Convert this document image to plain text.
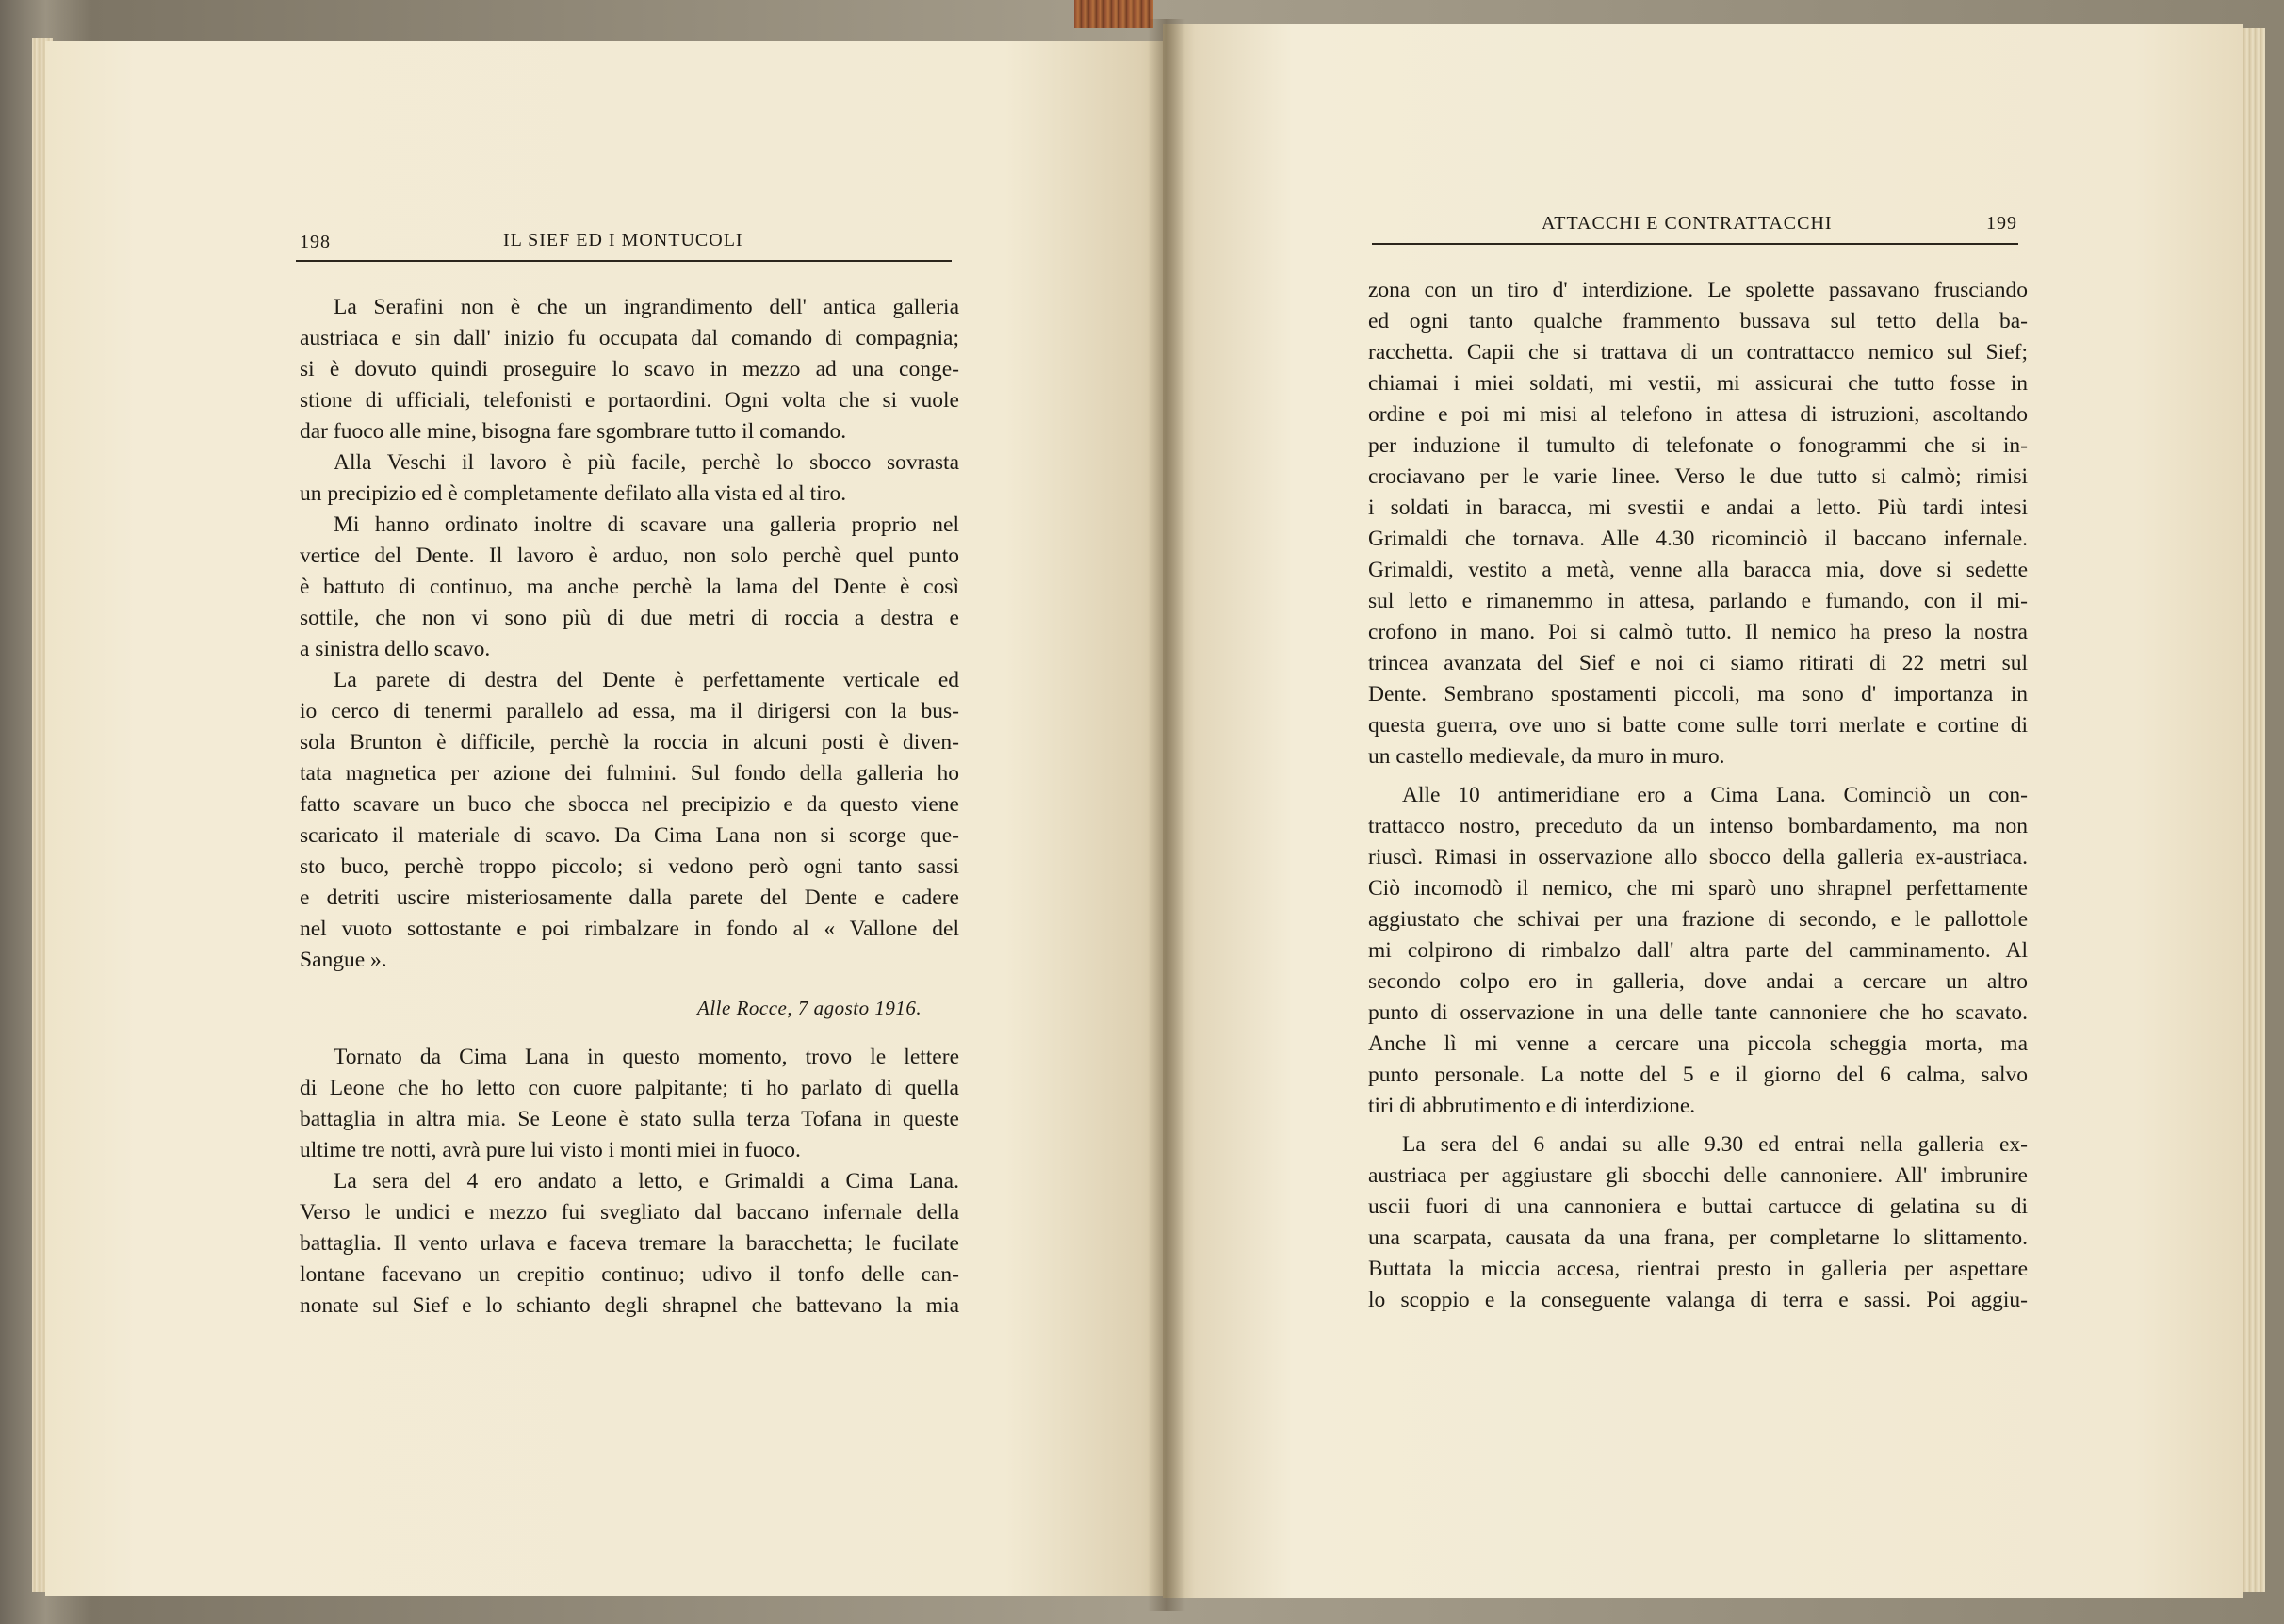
198	IL SIEF ED I MONTUCOLI
La Serafini non è che un ingrandimento dell' antica galleria
austriaca e sin dall' inizio fu occupata dal comando di compagnia;
si è dovuto quindi proseguire lo scavo in mezzo ad una conge-
stione di ufficiali, telefonisti e portaordini. Ogni volta che si vuole
dar fuoco alle mine, bisogna fare sgombrare tutto il comando.
Alla Veschi il lavoro è più facile, perchè lo sbocco sovrasta
un precipizio ed è completamente defilato alla vista ed al tiro.
Mi hanno ordinato inoltre di scavare una galleria proprio nel
vertice del Dente. Il lavoro è arduo, non solo perchè quel punto
è battuto di continuo, ma anche perchè la lama del Dente è così
sottile, che non vi sono più di due metri di roccia a destra e
a sinistra dello scavo.
La parete di destra del Dente è perfettamente verticale ed
io cerco di tenermi parallelo ad essa, ma il dirigersi con la bus-
sola Brunton è difficile, perchè la roccia in alcuni posti è diven-
tata magnetica per azione dei fulmini. Sul fondo della galleria ho
fatto scavare un buco che sbocca nel precipizio e da questo viene
scaricato il materiale di scavo. Da Cima Lana non si scorge que-
sto buco, perchè troppo piccolo; si vedono però ogni tanto sassi
e detriti uscire misteriosamente dalla parete del Dente e cadere
nel vuoto sottostante e poi rimbalzare in fondo al « Vallone del
Sangue ».
Alle Rocce, 7 agosto 1916.
Tornato da Cima Lana in questo momento, trovo le lettere
di Leone che ho letto con cuore palpitante; ti ho parlato di quella
battaglia in altra mia. Se Leone è stato sulla terza Tofana in queste
ultime tre notti, avrà pure lui visto i monti miei in fuoco.
La sera del 4 ero andato a letto, e Grimaldi a Cima Lana.
Verso le undici e mezzo fui svegliato dal baccano infernale della
battaglia. Il vento urlava e faceva tremare la baracchetta; le fucilate
lontane facevano un crepitio continuo; udivo il tonfo delle can-
nonate sul Sief e lo schianto degli shrapnel che battevano la mia
ATTACCHI E CONTRATTACCHI	199
zona con un tiro d' interdizione. Le spolette passavano frusciando
ed ogni tanto qualche frammento bussava sul tetto della ba-
racchetta. Capii che si trattava di un contrattacco nemico sul Sief;
chiamai i miei soldati, mi vestii, mi assicurai che tutto fosse in
ordine e poi mi misi al telefono in attesa di istruzioni, ascoltando
per induzione il tumulto di telefonate o fonogrammi che si in-
crociavano per le varie linee. Verso le due tutto si calmò; rimisi
i soldati in baracca, mi svestii e andai a letto. Più tardi intesi
Grimaldi che tornava. Alle 4.30 ricominciò il baccano infernale.
Grimaldi, vestito a metà, venne alla baracca mia, dove si sedette
sul letto e rimanemmo in attesa, parlando e fumando, con il mi-
crofono in mano. Poi si calmò tutto. Il nemico ha preso la nostra
trincea avanzata del Sief e noi ci siamo ritirati di 22 metri sul
Dente. Sembrano spostamenti piccoli, ma sono d' importanza in
questa guerra, ove uno si batte come sulle torri merlate e cortine di
un castello medievale, da muro in muro.
Alle 10 antimeridiane ero a Cima Lana. Cominciò un con-
trattacco nostro, preceduto da un intenso bombardamento, ma non
riuscì. Rimasi in osservazione allo sbocco della galleria ex-austriaca.
Ciò incomodò il nemico, che mi sparò uno shrapnel perfettamente
aggiustato che schivai per una frazione di secondo, e le pallottole
mi colpirono di rimbalzo dall' altra parte del camminamento. Al
secondo colpo ero in galleria, dove andai a cercare un altro
punto di osservazione in una delle tante cannoniere che ho scavato.
Anche lì mi venne a cercare una piccola scheggia morta, ma
punto personale. La notte del 5 e il giorno del 6 calma, salvo
tiri di abbrutimento e di interdizione.
La sera del 6 andai su alle 9.30 ed entrai nella galleria ex-
austriaca per aggiustare gli sbocchi delle cannoniere. All' imbrunire
uscii fuori di una cannoniera e buttai cartucce di gelatina su di
una scarpata, causata da una frana, per completarne lo slittamento.
Buttata la miccia accesa, rientrai presto in galleria per aspettare
lo scoppio e la conseguente valanga di terra e sassi. Poi aggiu-
